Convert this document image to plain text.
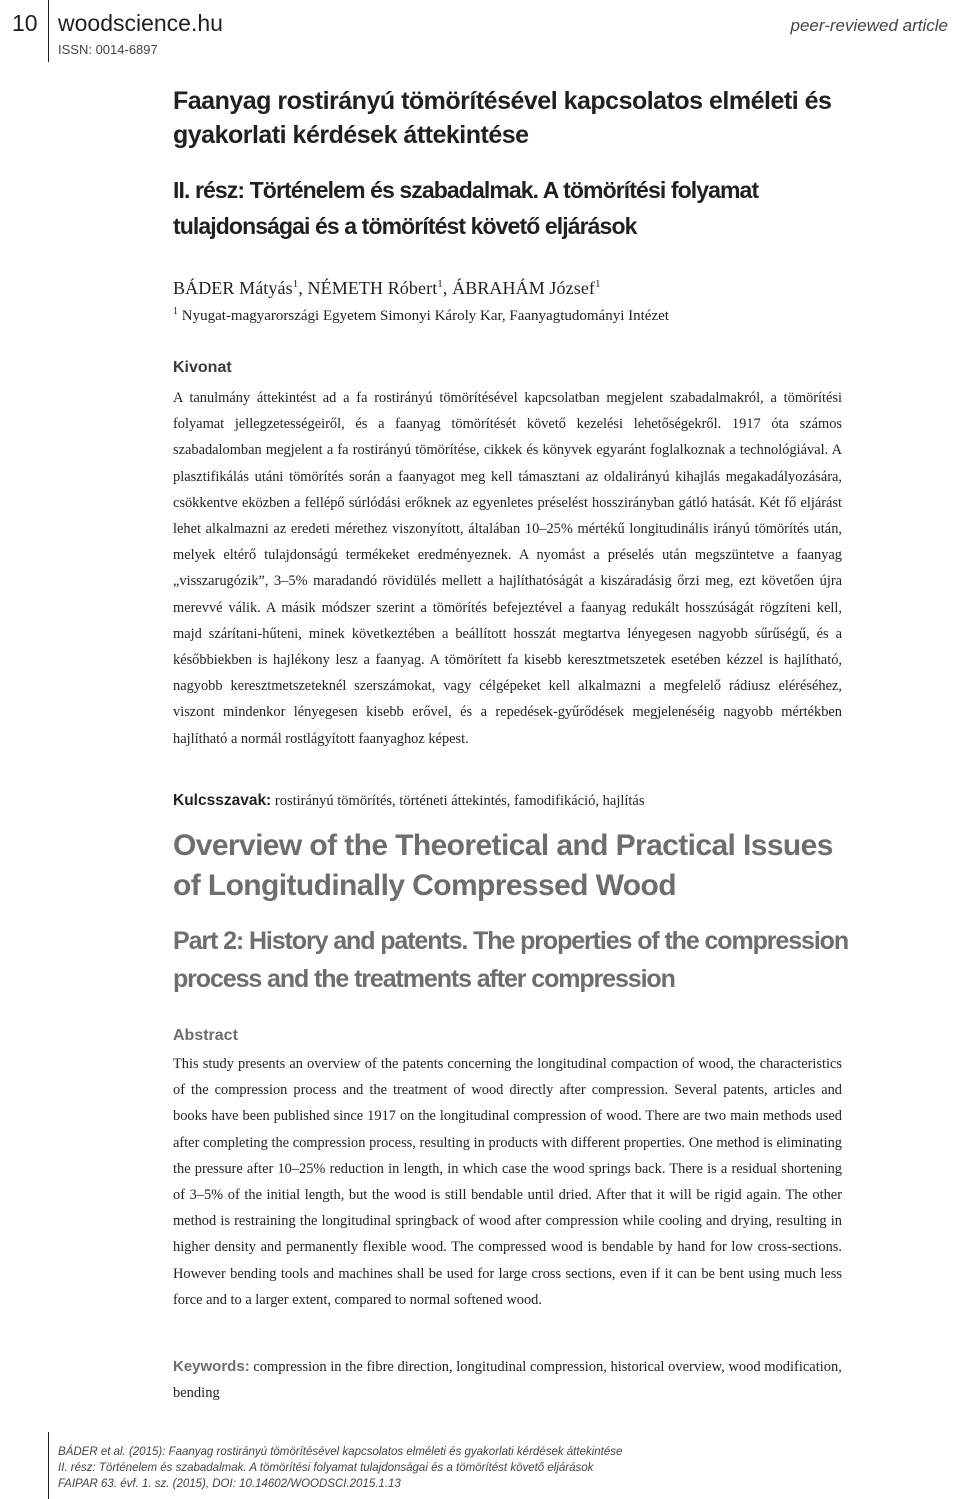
10 woodscience.hu
ISSN: 0014-6897
peer-reviewed article
Faanyag rostirányú tömörítésével kapcsolatos elméleti és gyakorlati kérdések áttekintése
II. rész: Történelem és szabadalmak. A tömörítési folyamat tulajdonságai és a tömörítést követő eljárások
BÁDER Mátyás$^1$, NÉMETH Róbert$^1$, ÁBRAHÁM József$^1$
$^1$ Nyugat-magyarországi Egyetem Simonyi Károly Kar, Faanyagtudományi Intézet
Kivonat

A tanulmány áttekintést ad a fa rostirányú tömörítésével kapcsolatban megjelent szabadalmakról, a tömörítési folyamat jellegzetességeiről, és a faanyag tömörítését követő kezelési lehetőségekről. 1917 óta számos szabadalomban megjelent a fa rostirányú tömörítése, cikkek és könyvek egyaránt foglalkoznak a technológiával. A plasztifikálás utáni tömörítés során a faanyagot meg kell támasztani az oldalirányú kihajlás megakadályozására, csökkentve eközben a fellépő súrlódási erőknek az egyenletes préselést hosszirányban gátló hatását. Két fő eljárást lehet alkalmazni az eredeti mérethez viszonyított, általában 10–25% mértékű longitudinális irányú tömörítés után, melyek eltérő tulajdonságú termékeket eredményeznek. A nyomást a préselés után megszüntetve a faanyag „visszarugózik”, 3–5% maradandó rövidülés mellett a hajlíthatóságát a kiszáradásig őrzi meg, ezt követően újra merevvé válik. A másik módszer szerint a tömörítés befejeztével a faanyag redukált hosszúságát rögzíteni kell, majd szárítani-hűteni, minek következtében a beállított hosszát megtartva lényegesen nagyobb sűrűségű, és a későbbiekben is hajlékony lesz a faanyag. A tömörített fa kisebb keresztmetszetek esetében kézzel is hajlítható, nagyobb keresztmetszeteknél szerszámokat, vagy célgépeket kell alkalmazni a megfelelő rádiusz eléréséhez, viszont mindenkor lényegesen kisebb erővel, és a repedések-gyűrődések megjelenéséig nagyobb mértékben hajlítható a normál rostlágyított faanyaghoz képest.

Kulcsszavak: rostirányú tömörítés, történeti áttekintés, famodifikáció, hajlítás
Overview of the Theoretical and Practical Issues of Longitudinally Compressed Wood
Part 2: History and patents. The properties of the compression process and the treatments after compression
Abstract

This study presents an overview of the patents concerning the longitudinal compaction of wood, the characteristics of the compression process and the treatment of wood directly after compression. Several patents, articles and books have been published since 1917 on the longitudinal compression of wood. There are two main methods used after completing the compression process, resulting in products with different properties. One method is eliminating the pressure after 10–25% reduction in length, in which case the wood springs back. There is a residual shortening of 3–5% of the initial length, but the wood is still bendable until dried. After that it will be rigid again. The other method is restraining the longitudinal springback of wood after compression while cooling and drying, resulting in higher density and permanently flexible wood. The compressed wood is bendable by hand for low cross-sections. However bending tools and machines shall be used for large cross sections, even if it can be bent using much less force and to a larger extent, compared to normal softened wood.

Keywords: compression in the fibre direction, longitudinal compression, historical overview, wood modification, bending
BÁDER et al. (2015): Faanyag rostirányú tömörítésével kapcsolatos elméleti és gyakorlati kérdések áttekintése
II. rész: Történelem és szabadalmak. A tömörítési folyamat tulajdonságai és a tömörítést követő eljárások
FAIPAR 63. évf. 1. sz. (2015), DOI: 10.14602/WOODSCI.2015.1.13
